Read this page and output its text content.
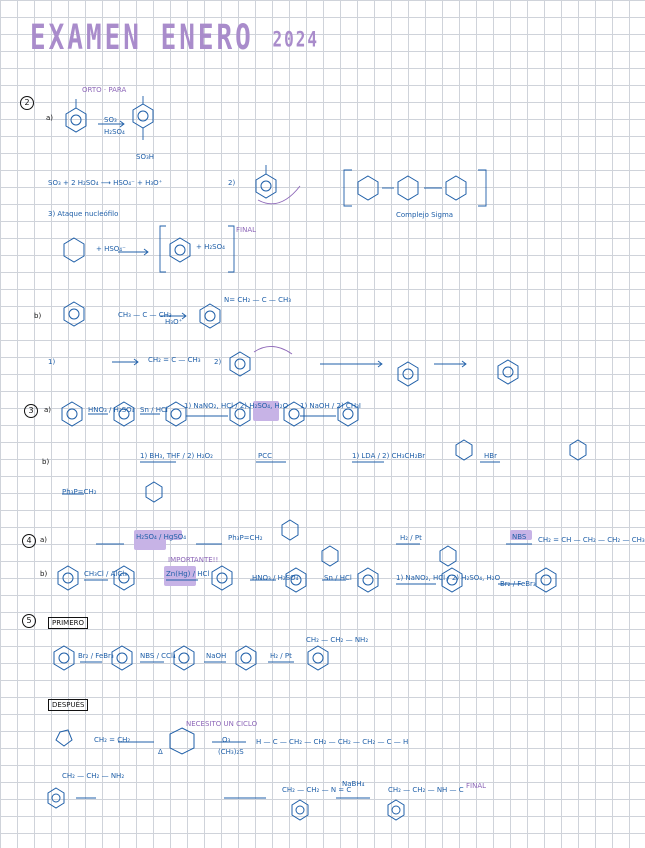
EXAMEN ENERO 2024
2
3
4
5	PRIMERO
DESPUÉS
ORTO · PARA
a)	SO₃
H₂SO₄
SO₃H
SO₃ + 2 H₂SO₄ ⟶ HSO₄⁻ + H₃O⁺	2)
Complejo Sigma
3) Ataque nucleófilo
+ HSO₄⁻	+ H₂SO₄
FINAL
b)	CH₃ — C — CH₃
H₃O⁺
N= CH₂ — C — CH₃
1)	CH₂ = C — CH₃ 2)
a)	HNO₃ / H₂SO₄ Sn / HCl 1) NaNO₂, HCl / 2) H₂SO₄, H₂O 1) NaOH / 2) CH₃I
b)
1) BH₃, THF / 2) H₂O₂	PCC	1) LDA / 2) CH₃CH₂Br	HBr
Ph₃P=CH₂
a)	H₂SO₄ / HgSO₄	Ph₃P=CH₂	H₂ / Pt	NBS CH₂ = CH — CH₂ — CH₂ — CH₃
b)	CH₃Cl / AlCl₃
IMPORTANTE!!
Zn(Hg) / HCl	HNO₃ / H₂SO₄	Sn / HCl	1) NaNO₂, HCl / 2) H₂SO₄, H₂O
Br₂ / FeBr₃
Br₂ / FeBr₃	NBS / CCl₄	NaOH	H₂ / Pt
CH₂ — CH₂ — NH₂
CH₂ = CH₂
Δ
NECESITO UN CICLO
O₃
(CH₃)₂S
H — C — CH₂ — CH₂ — CH₂ — CH₂ — C — H
CH₂ — CH₂ — NH₂
CH₂ — CH₂ — N = C
NaBH₄
CH₂ — CH₂ — NH — C FINAL
